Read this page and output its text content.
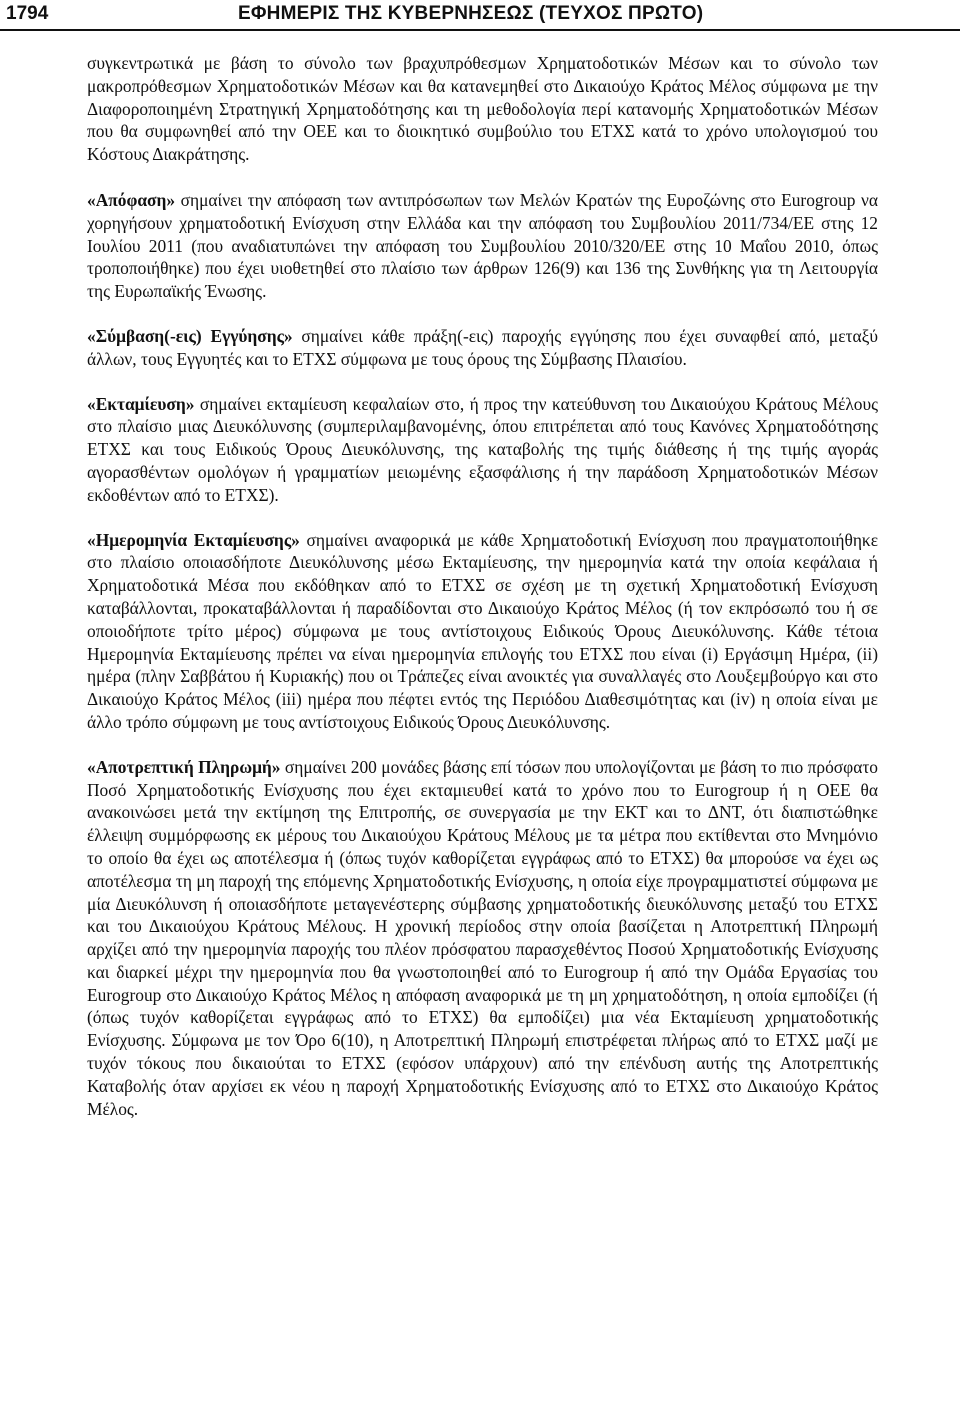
1794	ΕΦΗΜΕΡΙΣ ΤΗΣ ΚΥΒΕΡΝΗΣΕΩΣ (ΤΕΥΧΟΣ ΠΡΩΤΟ)

συγκεντρωτικά με βάση το σύνολο των βραχυπρόθεσμων Χρηματοδοτικών Μέσων και το σύνολο των μακροπρόθεσμων Χρηματοδοτικών Μέσων και θα κατανεμηθεί στο Δικαιούχο Κράτος Μέλος σύμφωνα με την Διαφοροποιημένη Στρατηγική Χρηματοδότησης και τη μεθοδολογία περί κατανομής Χρηματοδοτικών Μέσων που θα συμφωνηθεί από την ΟΕΕ και το διοικητικό συμβούλιο του ΕΤΧΣ κατά το χρόνο υπολογισμού του Κόστους Διακράτησης.

«Απόφαση» σημαίνει την απόφαση των αντιπρόσωπων των Μελών Κρατών της Ευροζώνης στο Eurogroup να χορηγήσουν χρηματοδοτική Ενίσχυση στην Ελλάδα και την απόφαση του Συμβουλίου 2011/734/ΕΕ στης 12 Ιουλίου 2011 (που αναδιατυπώνει την απόφαση του Συμβουλίου 2010/320/ΕΕ στης 10 Μαΐου 2010, όπως τροποποιήθηκε) που έχει υιοθετηθεί στο πλαίσιο των άρθρων 126(9) και 136 της Συνθήκης για τη Λειτουργία της Ευρωπαϊκής Ένωσης.

«Σύμβαση(-εις) Εγγύησης» σημαίνει κάθε πράξη(-εις) παροχής εγγύησης που έχει συναφθεί από, μεταξύ άλλων, τους Εγγυητές και το ΕΤΧΣ σύμφωνα με τους όρους της Σύμβασης Πλαισίου.

«Εκταμίευση» σημαίνει εκταμίευση κεφαλαίων στο, ή προς την κατεύθυνση του Δικαιούχου Κράτους Μέλους στο πλαίσιο μιας Διευκόλυνσης (συμπεριλαμβανομένης, όπου επιτρέπεται από τους Κανόνες Χρηματοδότησης ΕΤΧΣ και τους Ειδικούς Όρους Διευκόλυνσης, της καταβολής της τιμής διάθεσης ή της τιμής αγοράς αγορασθέντων ομολόγων ή γραμματίων μειωμένης εξασφάλισης ή την παράδοση Χρηματοδοτικών Μέσων εκδοθέντων από το ΕΤΧΣ).

«Ημερομηνία Εκταμίευσης» σημαίνει αναφορικά με κάθε Χρηματοδοτική Ενίσχυση που πραγματοποιήθηκε στο πλαίσιο οποιασδήποτε Διευκόλυνσης μέσω Εκταμίευσης, την ημερομηνία κατά την οποία κεφάλαια ή Χρηματοδοτικά Μέσα που εκδόθηκαν από το ΕΤΧΣ σε σχέση με τη σχετική Χρηματοδοτική Ενίσχυση καταβάλλονται, προκαταβάλλονται ή παραδίδονται στο Δικαιούχο Κράτος Μέλος (ή τον εκπρόσωπό του ή σε οποιοδήποτε τρίτο μέρος) σύμφωνα με τους αντίστοιχους Ειδικούς Όρους Διευκόλυνσης. Κάθε τέτοια Ημερομηνία Εκταμίευσης πρέπει να είναι ημερομηνία επιλογής του ΕΤΧΣ που είναι (i) Εργάσιμη Ημέρα, (ii) ημέρα (πλην Σαββάτου ή Κυριακής) που οι Τράπεζες είναι ανοικτές για συναλλαγές στο Λουξεμβούργο και στο Δικαιούχο Κράτος Μέλος (iii) ημέρα που πέφτει εντός της Περιόδου Διαθεσιμότητας και (iv) η οποία είναι με άλλο τρόπο σύμφωνη με τους αντίστοιχους Ειδικούς Όρους Διευκόλυνσης.

«Αποτρεπτική Πληρωμή» σημαίνει 200 μονάδες βάσης επί τόσων που υπολογίζονται με βάση το πιο πρόσφατο Ποσό Χρηματοδοτικής Ενίσχυσης που έχει εκταμιευθεί κατά το χρόνο που το Eurogroup ή η ΟΕΕ θα ανακοινώσει μετά την εκτίμηση της Επιτροπής, σε συνεργασία με την ΕΚΤ και το ΔΝΤ, ότι διαπιστώθηκε έλλειψη συμμόρφωσης εκ μέρους του Δικαιούχου Κράτους Μέλους με τα μέτρα που εκτίθενται στο Μνημόνιο το οποίο θα έχει ως αποτέλεσμα ή (όπως τυχόν καθορίζεται εγγράφως από το ΕΤΧΣ) θα μπορούσε να έχει ως αποτέλεσμα τη μη παροχή της επόμενης Χρηματοδοτικής Ενίσχυσης, η οποία είχε προγραμματιστεί σύμφωνα με μία Διευκόλυνση ή οποιασδήποτε μεταγενέστερης σύμβασης χρηματοδοτικής διευκόλυνσης μεταξύ του ΕΤΧΣ και του Δικαιούχου Κράτους Μέλους. Η χρονική περίοδος στην οποία βασίζεται η Αποτρεπτική Πληρωμή αρχίζει από την ημερομηνία παροχής του πλέον πρόσφατου παρασχεθέντος Ποσού Χρηματοδοτικής Ενίσχυσης και διαρκεί μέχρι την ημερομηνία που θα γνωστοποιηθεί από το Eurogroup ή από την Ομάδα Εργασίας του Eurogroup στο Δικαιούχο Κράτος Μέλος η απόφαση αναφορικά με τη μη χρηματοδότηση, η οποία εμποδίζει (ή (όπως τυχόν καθορίζεται εγγράφως από το ΕΤΧΣ) θα εμποδίζει) μια νέα Εκταμίευση χρηματοδοτικής Ενίσχυσης. Σύμφωνα με τον Όρο 6(10), η Αποτρεπτική Πληρωμή επιστρέφεται πλήρως από το ΕΤΧΣ μαζί με τυχόν τόκους που δικαιούται το ΕΤΧΣ (εφόσον υπάρχουν) από την επένδυση αυτής της Αποτρεπτικής Καταβολής όταν αρχίσει εκ νέου η παροχή Χρηματοδοτικής Ενίσχυσης από το ΕΤΧΣ στο Δικαιούχο Κράτος Μέλος.
